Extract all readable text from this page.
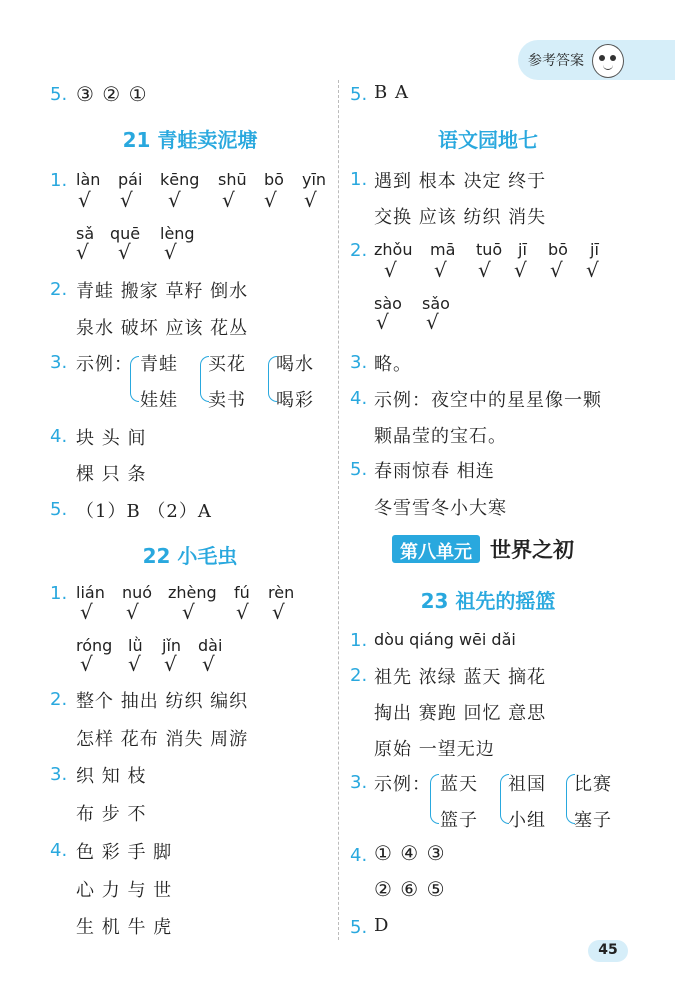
参考答案
5. ③ ② ①
21 青蛙卖泥塘
1. làn pái kēng shū bō yīn
√ √ √ √ √ √
sǎ quē lèng
√ √ √
2. 青蛙 搬家 草籽 倒水
泉水 破坏 应该 花丛
3. 示例： 青蛙
娃娃
买花
卖书
喝水
喝彩
4. 块 头 间
棵 只 条
5. （1）B （2）A
22 小毛虫
1. lián nuó zhèng fú rèn
√ √ √ √ √
róng lǜ jǐn dài
√ √ √ √
2. 整个 抽出 纺织 编织
怎样 花布 消失 周游
3. 织 知 枝
布 步 不
4. 色 彩 手 脚
心 力 与 世
生 机 牛 虎
5. B A
语文园地七
1. 遇到 根本 决定 终于
交换 应该 纺织 消失
2. zhǒu mā tuō jī bō jī
√ √ √ √ √ √
sào sǎo
√ √
3. 略。
4. 示例：夜空中的星星像一颗
颗晶莹的宝石。
5. 春雨惊春 相连
冬雪雪冬小大寒
第八单元 世界之初
23 祖先的摇篮
1. dòu qiáng wēi dǎi
2. 祖先 浓绿 蓝天 摘花
掏出 赛跑 回忆 意思
原始 一望无边
3. 示例： 蓝天
篮子
祖国
小组
比赛
塞子
4. ① ④ ③
② ⑥ ⑤
5. D
45
